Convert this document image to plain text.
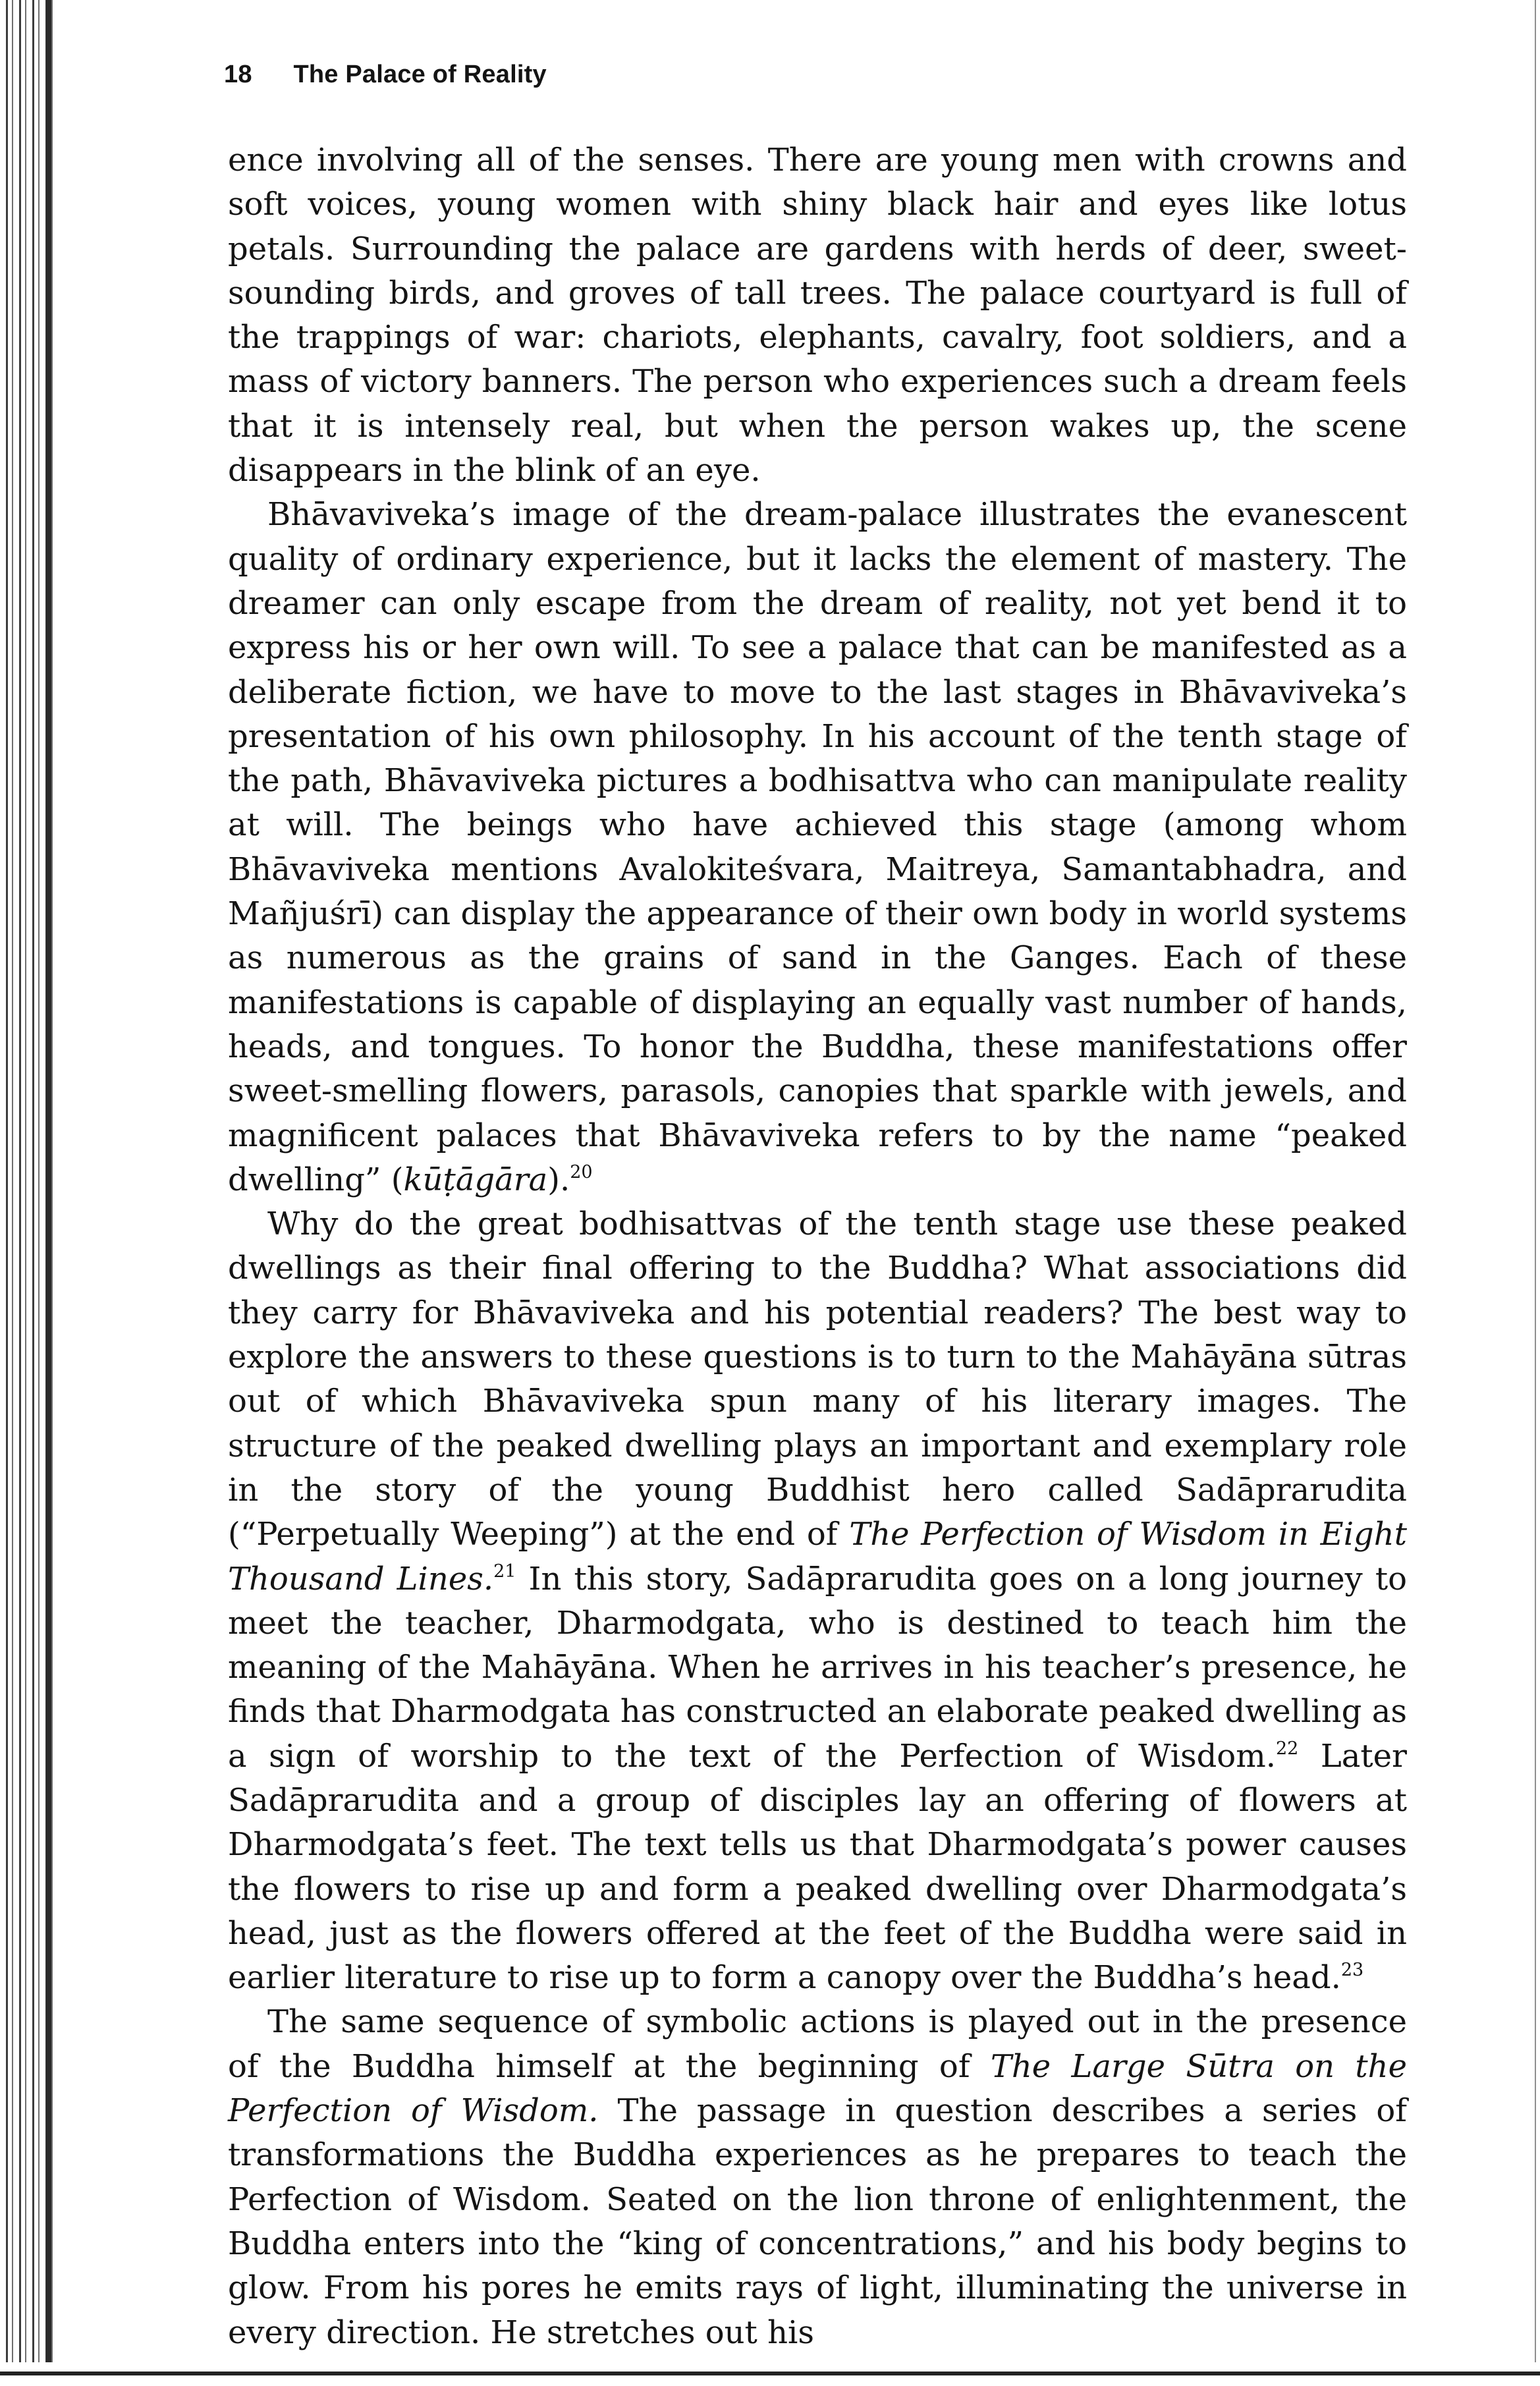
18 The Palace of Reality

ence involving all of the senses. There are young men with crowns and soft voices, young women with shiny black hair and eyes like lotus petals. Surrounding the palace are gardens with herds of deer, sweet-sounding birds, and groves of tall trees. The palace courtyard is full of the trappings of war: chariots, elephants, cavalry, foot soldiers, and a mass of victory banners. The person who experiences such a dream feels that it is intensely real, but when the person wakes up, the scene disappears in the blink of an eye.

Bhāvaviveka’s image of the dream-palace illustrates the evanescent quality of ordinary experience, but it lacks the element of mastery. The dreamer can only escape from the dream of reality, not yet bend it to express his or her own will. To see a palace that can be manifested as a deliberate fiction, we have to move to the last stages in Bhāvaviveka’s presentation of his own philosophy. In his account of the tenth stage of the path, Bhāvaviveka pictures a bodhisattva who can manipulate reality at will. The beings who have achieved this stage (among whom Bhāvaviveka mentions Avalokiteśvara, Maitreya, Samantabhadra, and Mañjuśrī) can display the appearance of their own body in world systems as numerous as the grains of sand in the Ganges. Each of these manifestations is capable of displaying an equally vast number of hands, heads, and tongues. To honor the Buddha, these manifestations offer sweet-smelling flowers, parasols, canopies that sparkle with jewels, and magnificent palaces that Bhāvaviveka refers to by the name “peaked dwelling” (kūṭāgāra).$^{20}$

Why do the great bodhisattvas of the tenth stage use these peaked dwellings as their final offering to the Buddha? What associations did they carry for Bhāvaviveka and his potential readers? The best way to explore the answers to these questions is to turn to the Mahāyāna sūtras out of which Bhāvaviveka spun many of his literary images. The structure of the peaked dwelling plays an important and exemplary role in the story of the young Buddhist hero called Sadāprarudita (“Perpetually Weeping”) at the end of The Perfection of Wisdom in Eight Thousand Lines.$^{21}$ In this story, Sadāprarudita goes on a long journey to meet the teacher, Dharmodgata, who is destined to teach him the meaning of the Mahāyāna. When he arrives in his teacher’s presence, he finds that Dharmodgata has constructed an elaborate peaked dwelling as a sign of worship to the text of the Perfection of Wisdom.$^{22}$ Later Sadāprarudita and a group of disciples lay an offering of flowers at Dharmodgata’s feet. The text tells us that Dharmodgata’s power causes the flowers to rise up and form a peaked dwelling over Dharmodgata’s head, just as the flowers offered at the feet of the Buddha were said in earlier literature to rise up to form a canopy over the Buddha’s head.$^{23}$

The same sequence of symbolic actions is played out in the presence of the Buddha himself at the beginning of The Large Sūtra on the Perfection of Wisdom. The passage in question describes a series of transformations the Buddha experiences as he prepares to teach the Perfection of Wisdom. Seated on the lion throne of enlightenment, the Buddha enters into the “king of concentrations,” and his body begins to glow. From his pores he emits rays of light, illuminating the universe in every direction. He stretches out his
